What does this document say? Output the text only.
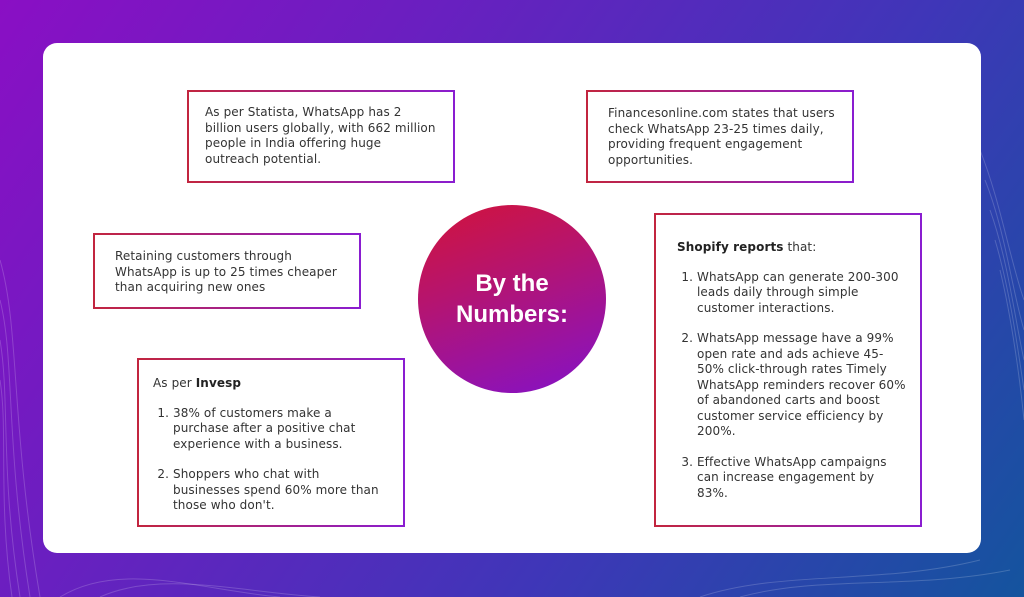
As per Statista, WhatsApp has 2 billion users globally, with 662 million people in India offering huge outreach potential.

Financesonline.com states that users check WhatsApp 23-25 times daily, providing frequent engagement opportunities.

Retaining customers through WhatsApp is up to 25 times cheaper than acquiring new ones	By the
Numbers:

As per Invesp

1. 38% of customers make a purchase after a positive chat experience with a business.
2. Shoppers who chat with businesses spend 60% more than those who don't.

Shopify reports that:

1. WhatsApp can generate 200-300 leads daily through simple customer interactions.
2. WhatsApp message have a 99% open rate and ads achieve 45-50% click-through rates Timely WhatsApp reminders recover 60% of abandoned carts and boost customer service efficiency by 200%.
3. Effective WhatsApp campaigns can increase engagement by 83%.
